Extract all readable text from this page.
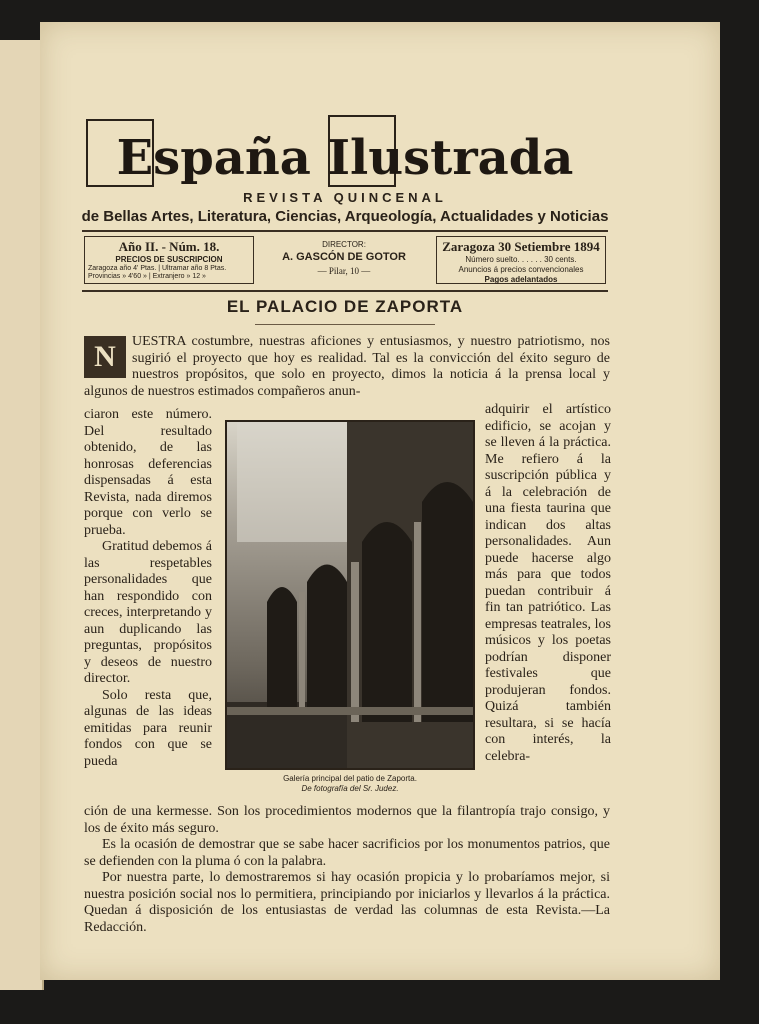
España Ilustrada
REVISTA QUINCENAL
de Bellas Artes, Literatura, Ciencias, Arqueología, Actualidades y Noticias
Año II. - Núm. 18.
PRECIOS DE SUSCRIPCION
Zaragoza año 4' Ptas. | Ultramar año 8 Ptas.
Provincias » 4'60 » | Extranjero » 12 »
DIRECTOR:
A. GASCÓN DE GOTOR
— Pilar, 10 —
Zaragoza 30 Setiembre 1894
Número suelto. . . . . . 30 cents.
Anuncios á precios convencionales
Pagos adelantados
EL PALACIO DE ZAPORTA
N	UESTRA costumbre, nuestras aficiones y entusiasmos, y nuestro patriotismo, nos sugirió el proyecto que hoy es realidad. Tal es la convicción del éxito seguro de nuestros propósitos, que solo en proyecto, dimos la noticia á la prensa local y algunos de nuestros estimados compañeros anun-
ciaron este número. Del resultado obtenido, de las honrosas deferencias dispensadas á esta Revista, nada diremos porque con verlo se prueba.
Gratitud debemos á las respetables personalidades que han respondido con creces, interpretando y aun duplicando las preguntas, propósitos y deseos de nuestro director.
Solo resta que, algunas de las ideas emitidas para reunir fondos con que se pueda
Galería principal del patio de Zaporta.
De fotografía del Sr. Judez.
adquirir el artístico edificio, se acojan y se lleven á la práctica. Me refiero á la suscripción pública y á la celebración de una fiesta taurina que indican dos altas personalidades. Aun puede hacerse algo más para que todos puedan contribuir á fin tan patriótico. Las empresas teatrales, los músicos y los poetas podrían disponer festivales que produjeran fondos. Quizá también resultara, si se hacía con interés, la celebra-
ción de una kermesse. Son los procedimientos modernos que la filantropía trajo consigo, y los de éxito más seguro.
Es la ocasión de demostrar que se sabe hacer sacrificios por los monumentos patrios, que se defienden con la pluma ó con la palabra.
Por nuestra parte, lo demostraremos si hay ocasión propicia y lo probaríamos mejor, si nuestra posición social nos lo permitiera, principiando por iniciarlos y llevarlos á la práctica. Quedan á disposición de los entusiastas de verdad las columnas de esta Revista.—La Redacción.
